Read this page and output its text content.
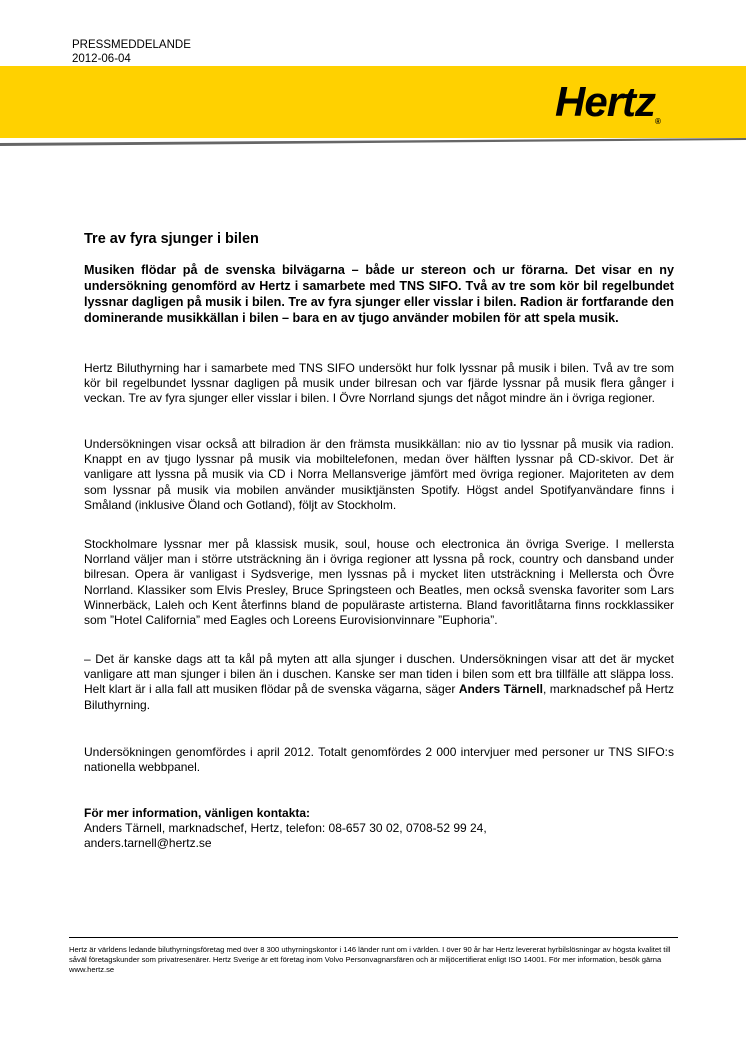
PRESSMEDDELANDE
2012-06-04
Hertz®
Tre av fyra sjunger i bilen

Musiken flödar på de svenska bilvägarna – både ur stereon och ur förarna. Det visar en ny undersökning genomförd av Hertz i samarbete med TNS SIFO. Två av tre som kör bil regelbundet lyssnar dagligen på musik i bilen. Tre av fyra sjunger eller visslar i bilen. Radion är fortfarande den dominerande musikkällan i bilen – bara en av tjugo använder mobilen för att spela musik.

Hertz Biluthyrning har i samarbete med TNS SIFO undersökt hur folk lyssnar på musik i bilen. Två av tre som kör bil regelbundet lyssnar dagligen på musik under bilresan och var fjärde lyssnar på musik flera gånger i veckan. Tre av fyra sjunger eller visslar i bilen. I Övre Norrland sjungs det något mindre än i övriga regioner.

Undersökningen visar också att bilradion är den främsta musikkällan: nio av tio lyssnar på musik via radion. Knappt en av tjugo lyssnar på musik via mobiltelefonen, medan över hälften lyssnar på CD-skivor. Det är vanligare att lyssna på musik via CD i Norra Mellansverige jämfört med övriga regioner. Majoriteten av dem som lyssnar på musik via mobilen använder musiktjänsten Spotify. Högst andel Spotifyanvändare finns i Småland (inklusive Öland och Gotland), följt av Stockholm.

Stockholmare lyssnar mer på klassisk musik, soul, house och electronica än övriga Sverige. I mellersta Norrland väljer man i större utsträckning än i övriga regioner att lyssna på rock, country och dansband under bilresan. Opera är vanligast i Sydsverige, men lyssnas på i mycket liten utsträckning i Mellersta och Övre Norrland. Klassiker som Elvis Presley, Bruce Springsteen och Beatles, men också svenska favoriter som Lars Winnerbäck, Laleh och Kent återfinns bland de populäraste artisterna. Bland favoritlåtarna finns rockklassiker som ”Hotel California” med Eagles och Loreens Eurovisionvinnare ”Euphoria”.

– Det är kanske dags att ta kål på myten att alla sjunger i duschen. Undersökningen visar att det är mycket vanligare att man sjunger i bilen än i duschen. Kanske ser man tiden i bilen som ett bra tillfälle att släppa loss. Helt klart är i alla fall att musiken flödar på de svenska vägarna, säger Anders Tärnell, marknadschef på Hertz Biluthyrning.

Undersökningen genomfördes i april 2012. Totalt genomfördes 2 000 intervjuer med personer ur TNS SIFO:s nationella webbpanel.

För mer information, vänligen kontakta:
Anders Tärnell, marknadschef, Hertz, telefon: 08-657 30 02, 0708-52 99 24,
anders.tarnell@hertz.se
Hertz är världens ledande biluthyrningsföretag med över 8 300 uthyrningskontor i 146 länder runt om i världen. I över 90 år har Hertz levererat hyrbilslösningar av högsta kvalitet till såväl företagskunder som privatresenärer. Hertz Sverige är ett företag inom Volvo Personvagnarsfären och är miljöcertifierat enligt ISO 14001. För mer information, besök gärna www.hertz.se
